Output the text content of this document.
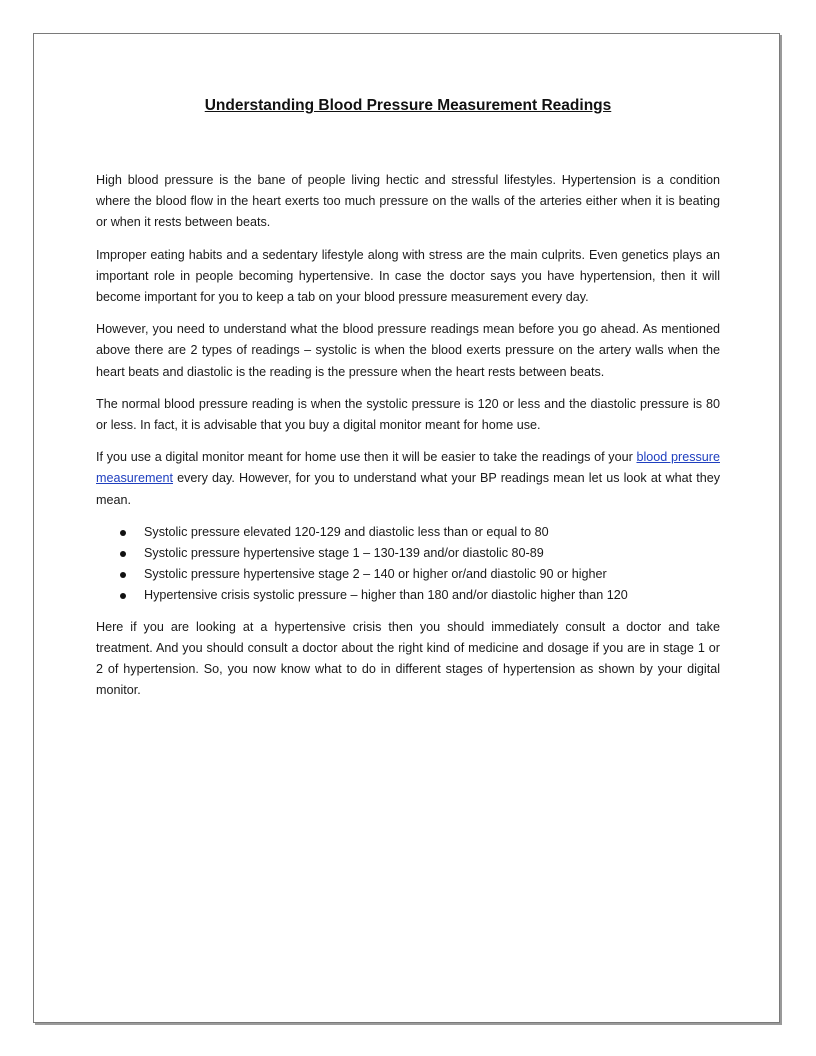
Understanding Blood Pressure Measurement Readings

High blood pressure is the bane of people living hectic and stressful lifestyles. Hypertension is a condition where the blood flow in the heart exerts too much pressure on the walls of the arteries either when it is beating or when it rests between beats.

Improper eating habits and a sedentary lifestyle along with stress are the main culprits. Even genetics plays an important role in people becoming hypertensive. In case the doctor says you have hypertension, then it will become important for you to keep a tab on your blood pressure measurement every day.

However, you need to understand what the blood pressure readings mean before you go ahead. As mentioned above there are 2 types of readings – systolic is when the blood exerts pressure on the artery walls when the heart beats and diastolic is the reading is the pressure when the heart rests between beats.

The normal blood pressure reading is when the systolic pressure is 120 or less and the diastolic pressure is 80 or less. In fact, it is advisable that you buy a digital monitor meant for home use.

If you use a digital monitor meant for home use then it will be easier to take the readings of your blood pressure measurement every day. However, for you to understand what your BP readings mean let us look at what they mean.

Systolic pressure elevated 120-129 and diastolic less than or equal to 80
Systolic pressure hypertensive stage 1 – 130-139 and/or diastolic 80-89
Systolic pressure hypertensive stage 2 – 140 or higher or/and diastolic 90 or higher
Hypertensive crisis systolic pressure – higher than 180 and/or diastolic higher than 120

Here if you are looking at a hypertensive crisis then you should immediately consult a doctor and take treatment. And you should consult a doctor about the right kind of medicine and dosage if you are in stage 1 or 2 of hypertension. So, you now know what to do in different stages of hypertension as shown by your digital monitor.
